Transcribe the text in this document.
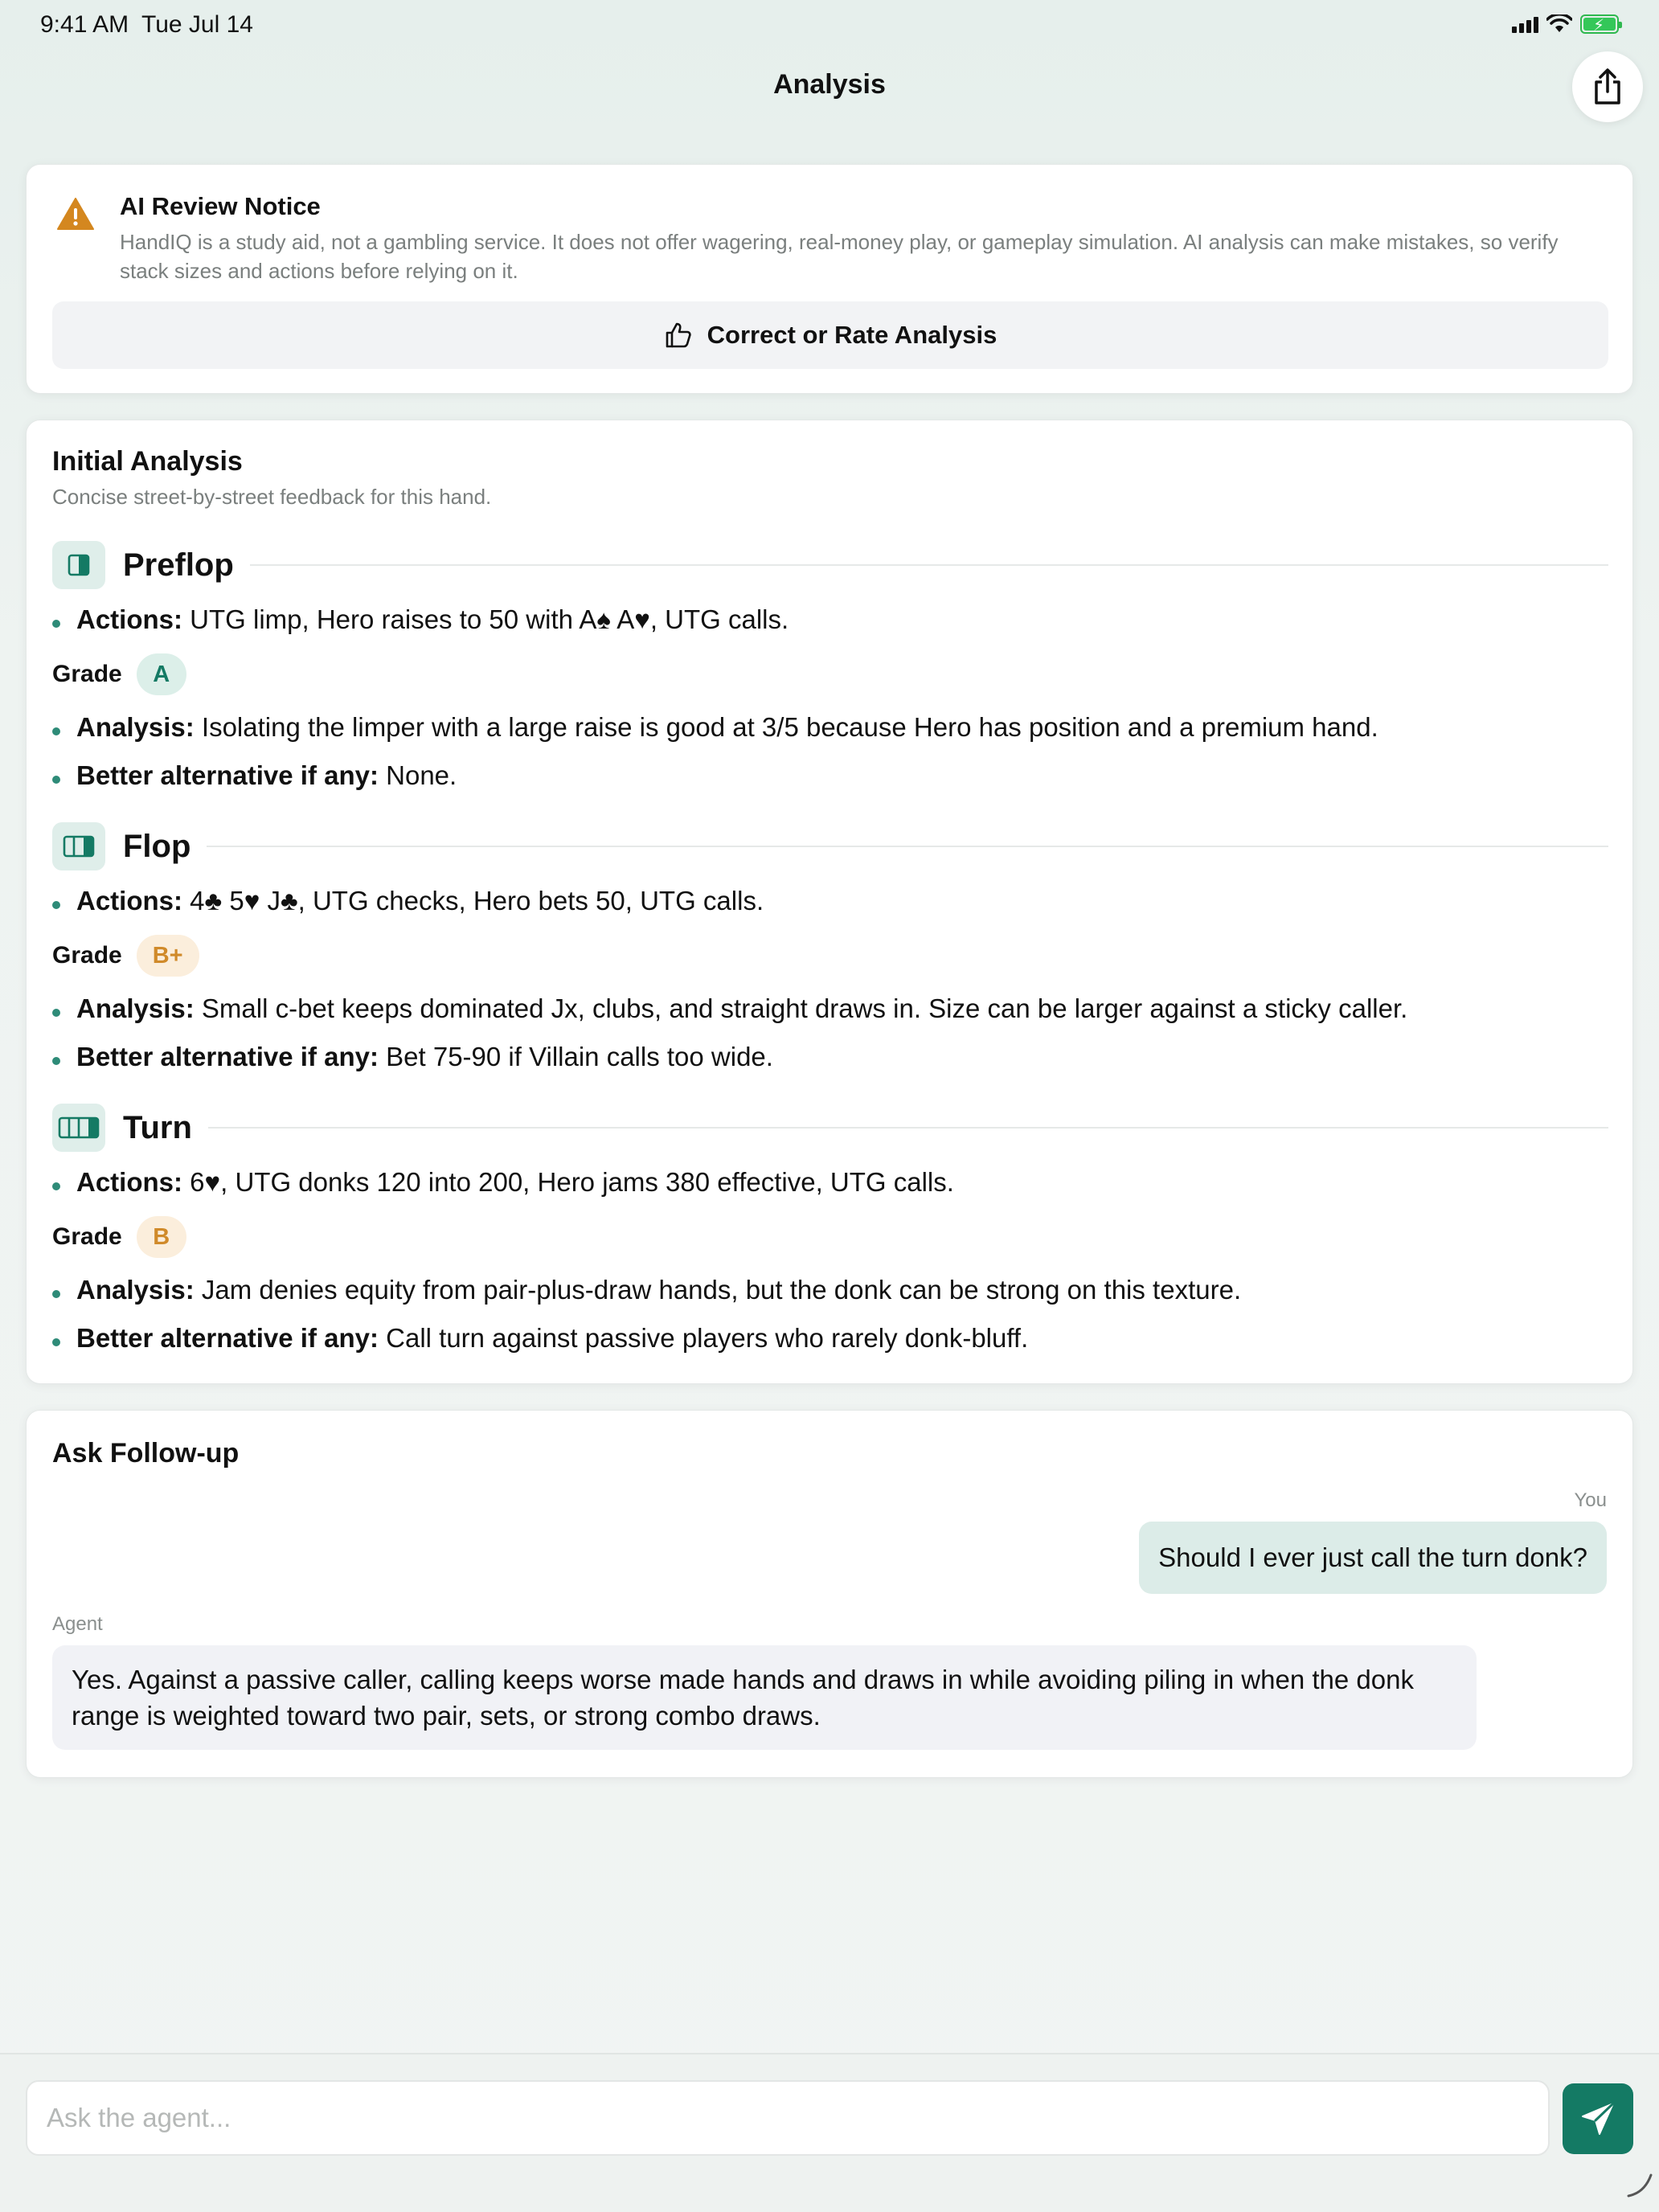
9:41 AM Tue Jul 14	⚡
Analysis
AI Review Notice
HandIQ is a study aid, not a gambling service. It does not offer wagering, real-money play, or gameplay simulation. AI analysis can make mistakes, so verify stack sizes and actions before relying on it.
Correct or Rate Analysis
Initial Analysis
Concise street-by-street feedback for this hand.
Preflop
Actions: UTG limp, Hero raises to 50 with A♠ A♥, UTG calls.
Grade	A
Analysis: Isolating the limper with a large raise is good at 3/5 because Hero has position and a premium hand.
Better alternative if any: None.
Flop
Actions: 4♣ 5♥ J♣, UTG checks, Hero bets 50, UTG calls.
Grade	B+
Analysis: Small c-bet keeps dominated Jx, clubs, and straight draws in. Size can be larger against a sticky caller.
Better alternative if any: Bet 75-90 if Villain calls too wide.
Turn
Actions: 6♥, UTG donks 120 into 200, Hero jams 380 effective, UTG calls.
Grade	B
Analysis: Jam denies equity from pair-plus-draw hands, but the donk can be strong on this texture.
Better alternative if any: Call turn against passive players who rarely donk-bluff.
Ask Follow-up
You
Should I ever just call the turn donk?
Agent
Yes. Against a passive caller, calling keeps worse made hands and draws in while avoiding piling in when the donk range is weighted toward two pair, sets, or strong combo draws.
Ask the agent...
